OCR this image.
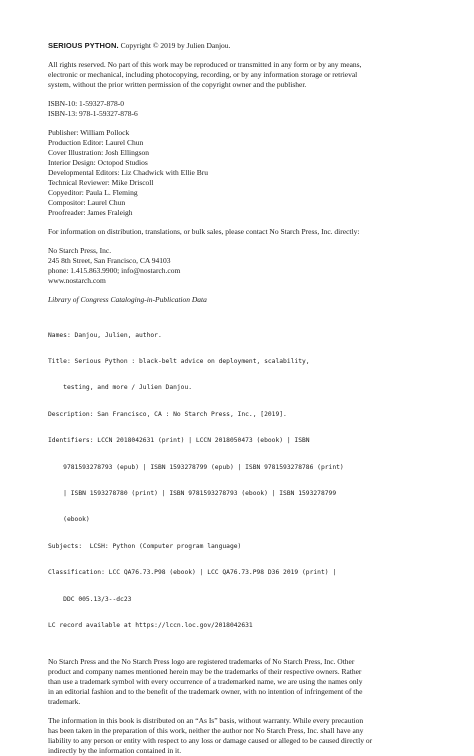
SERIOUS PYTHON. Copyright © 2019 by Julien Danjou.

All rights reserved. No part of this work may be reproduced or transmitted in any form or by any means,
electronic or mechanical, including photocopying, recording, or by any information storage or retrieval
system, without the prior written permission of the copyright owner and the publisher.
ISBN-10: 1-59327-878-0
ISBN-13: 978-1-59327-878-6
Publisher: William Pollock
Production Editor: Laurel Chun
Cover Illustration: Josh Ellingson
Interior Design: Octopod Studios
Developmental Editors: Liz Chadwick with Ellie Bru
Technical Reviewer: Mike Driscoll
Copyeditor: Paula L. Fleming
Compositor: Laurel Chun
Proofreader: James Fraleigh

For information on distribution, translations, or bulk sales, please contact No Starch Press, Inc. directly:

No Starch Press, Inc.
245 8th Street, San Francisco, CA 94103
phone: 1.415.863.9900; info@nostarch.com
www.nostarch.com

Library of Congress Cataloging-in-Publication Data

Names: Danjou, Julien, author.

Title: Serious Python : black-belt advice on deployment, scalability,

testing, and more / Julien Danjou.

Description: San Francisco, CA : No Starch Press, Inc., [2019].

Identifiers: LCCN 2018042631 (print) | LCCN 2018050473 (ebook) | ISBN

9781593278793 (epub) | ISBN 1593278799 (epub) | ISBN 9781593278786 (print)

| ISBN 1593278780 (print) | ISBN 9781593278793 (ebook) | ISBN 1593278799

(ebook)

Subjects:  LCSH: Python (Computer program language)

Classification: LCC QA76.73.P98 (ebook) | LCC QA76.73.P98 D36 2019 (print) |

DDC 005.13/3--dc23

LC record available at https://lccn.loc.gov/2018042631

No Starch Press and the No Starch Press logo are registered trademarks of No Starch Press, Inc. Other
product and company names mentioned herein may be the trademarks of their respective owners. Rather
than use a trademark symbol with every occurrence of a trademarked name, we are using the names only
in an editorial fashion and to the benefit of the trademark owner, with no intention of infringement of the
trademark.
The information in this book is distributed on an “As Is” basis, without warranty. While every precaution
has been taken in the preparation of this work, neither the author nor No Starch Press, Inc. shall have any
liability to any person or entity with respect to any loss or damage caused or alleged to be caused directly or
indirectly by the information contained in it.
